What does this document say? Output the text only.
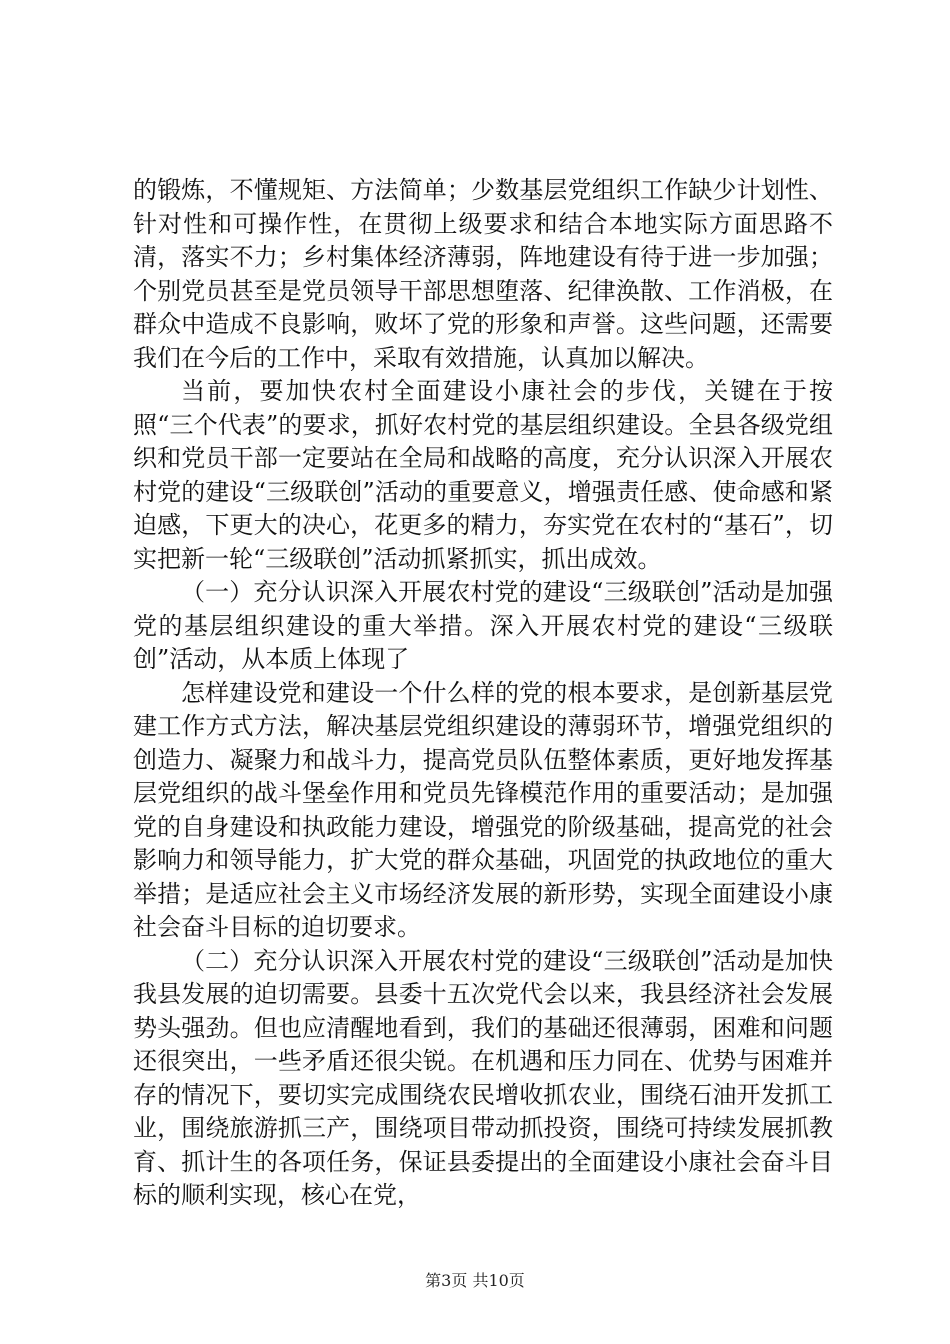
的锻炼，不懂规矩、方法简单；少数基层党组织工作缺少计划性、针对性和可操作性，在贯彻上级要求和结合本地实际方面思路不清，落实不力；乡村集体经济薄弱，阵地建设有待于进一步加强；个别党员甚至是党员领导干部思想堕落、纪律涣散、工作消极，在群众中造成不良影响，败坏了党的形象和声誉。这些问题，还需要我们在今后的工作中，采取有效措施，认真加以解决。

当前，要加快农村全面建设小康社会的步伐，关键在于按照“三个代表”的要求，抓好农村党的基层组织建设。全县各级党组织和党员干部一定要站在全局和战略的高度，充分认识深入开展农村党的建设“三级联创”活动的重要意义，增强责任感、使命感和紧迫感，下更大的决心，花更多的精力，夯实党在农村的“基石”，切实把新一轮“三级联创”活动抓紧抓实，抓出成效。

（一）充分认识深入开展农村党的建设“三级联创”活动是加强党的基层组织建设的重大举措。深入开展农村党的建设“三级联创”活动，从本质上体现了

怎样建设党和建设一个什么样的党的根本要求，是创新基层党建工作方式方法，解决基层党组织建设的薄弱环节，增强党组织的创造力、凝聚力和战斗力，提高党员队伍整体素质，更好地发挥基层党组织的战斗堡垒作用和党员先锋模范作用的重要活动；是加强党的自身建设和执政能力建设，增强党的阶级基础，提高党的社会影响力和领导能力，扩大党的群众基础，巩固党的执政地位的重大举措；是适应社会主义市场经济发展的新形势，实现全面建设小康社会奋斗目标的迫切要求。

（二）充分认识深入开展农村党的建设“三级联创”活动是加快我县发展的迫切需要。县委十五次党代会以来，我县经济社会发展势头强劲。但也应清醒地看到，我们的基础还很薄弱，困难和问题还很突出，一些矛盾还很尖锐。在机遇和压力同在、优势与困难并存的情况下，要切实完成围绕农民增收抓农业，围绕石油开发抓工业，围绕旅游抓三产，围绕项目带动抓投资，围绕可持续发展抓教育、抓计生的各项任务，保证县委提出的全面建设小康社会奋斗目标的顺利实现，核心在党，

第3页 共10页
